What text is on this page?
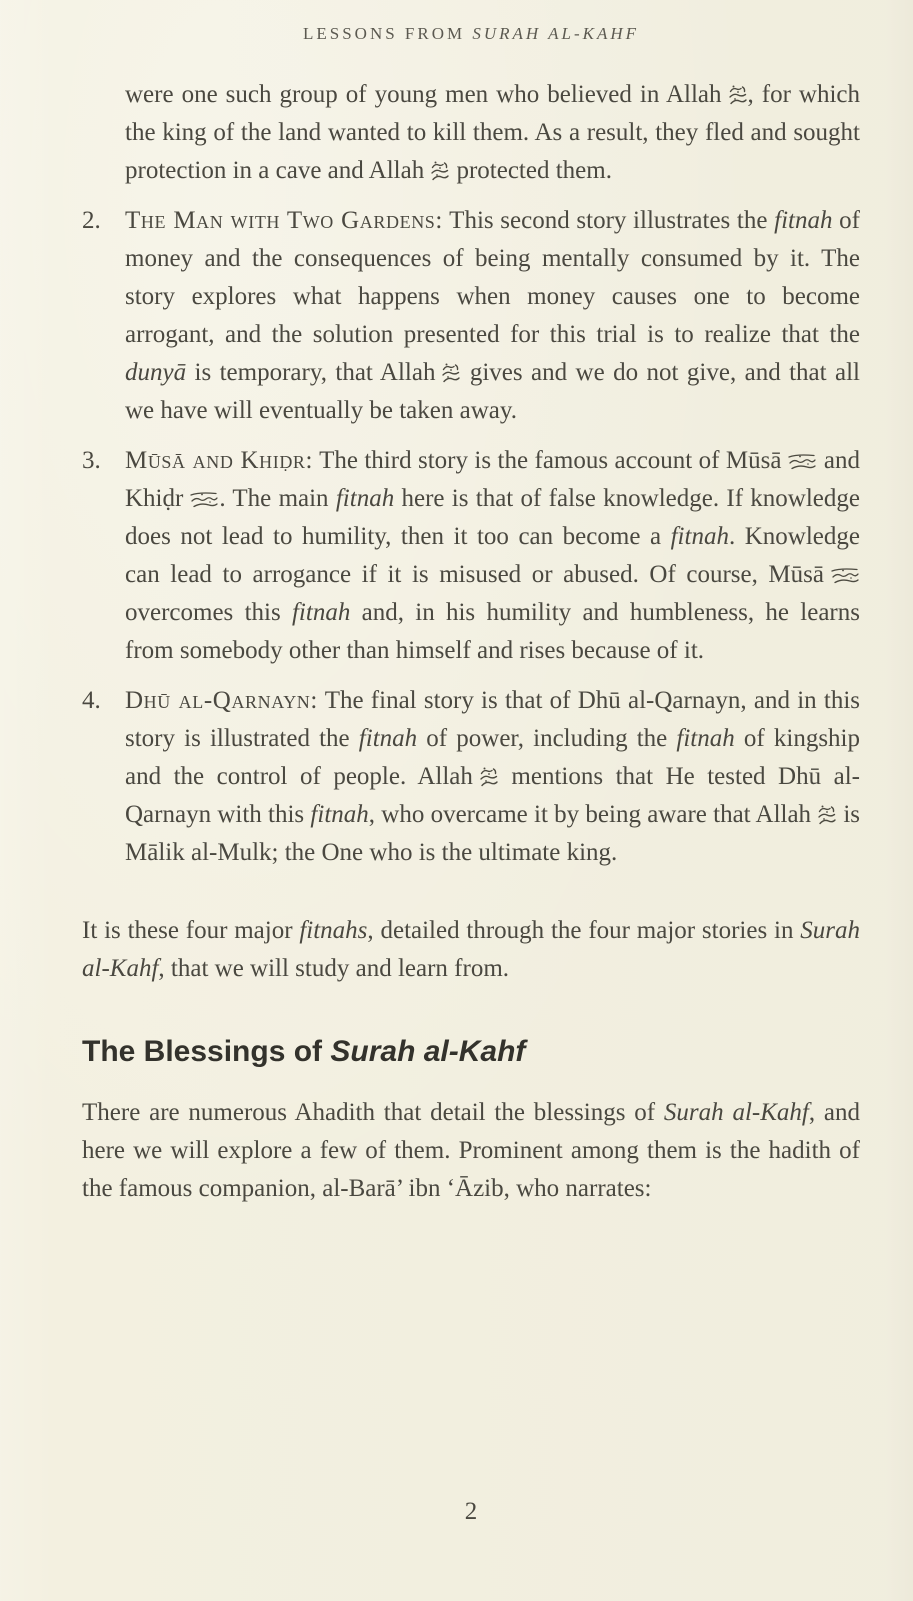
LESSONS FROM SURAH AL-KAHF

were one such group of young men who believed in Allah , for which the king of the land wanted to kill them. As a result, they fled and sought protection in a cave and Allah protected them.

2. The Man with Two Gardens: This second story illustrates the fitnah of money and the consequences of being mentally consumed by it. The story explores what happens when money causes one to become arrogant, and the solution presented for this trial is to realize that the dunyā is temporary, that Allah gives and we do not give, and that all we have will eventually be taken away.
3. Mūsā and Khiḍr: The third story is the famous account of Mūsā and Khiḍr . The main fitnah here is that of false knowledge. If knowledge does not lead to humility, then it too can become a fitnah. Knowledge can lead to arrogance if it is misused or abused. Of course, Mūsā overcomes this fitnah and, in his humility and humbleness, he learns from somebody other than himself and rises because of it.
4. Dhū al-Qarnayn: The final story is that of Dhū al-Qarnayn, and in this story is illustrated the fitnah of power, including the fitnah of kingship and the control of people. Allah mentions that He tested Dhū al-Qarnayn with this fitnah, who overcame it by being aware that Allah is Mālik al-Mulk; the One who is the ultimate king.

It is these four major fitnahs, detailed through the four major stories in Surah al-Kahf, that we will study and learn from.

The Blessings of Surah al-Kahf

There are numerous Ahadith that detail the blessings of Surah al-Kahf, and here we will explore a few of them. Prominent among them is the hadith of the famous companion, al-Barā’ ibn ‘Āzib, who narrates:

2
